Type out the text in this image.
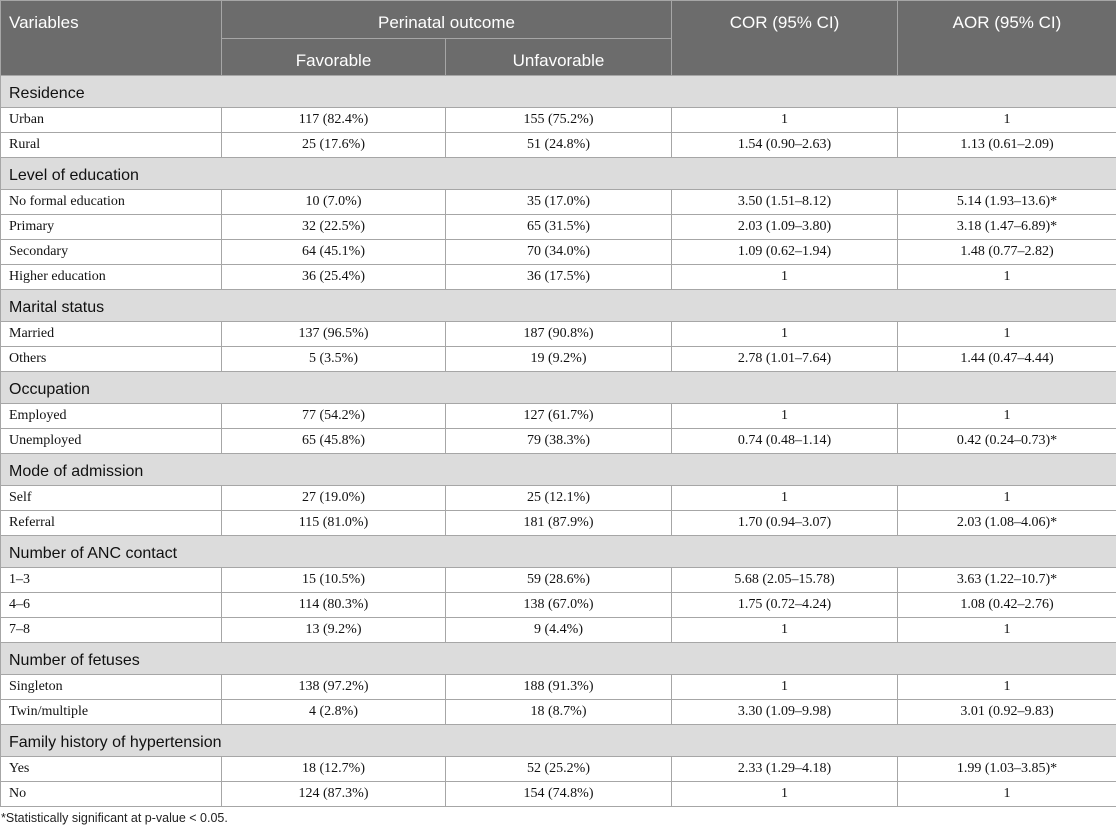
Variables	Perinatal outcome		COR (95% CI)	AOR (95% CI)
	Favorable	Unfavorable		
Residence				
Urban	117 (82.4%)	155 (75.2%)	1	1
Rural	25 (17.6%)	51 (24.8%)	1.54 (0.90–2.63)	1.13 (0.61–2.09)
Level of education				
No formal education	10 (7.0%)	35 (17.0%)	3.50 (1.51–8.12)	5.14 (1.93–13.6)*
Primary	32 (22.5%)	65 (31.5%)	2.03 (1.09–3.80)	3.18 (1.47–6.89)*
Secondary	64 (45.1%)	70 (34.0%)	1.09 (0.62–1.94)	1.48 (0.77–2.82)
Higher education	36 (25.4%)	36 (17.5%)	1	1
Marital status				
Married	137 (96.5%)	187 (90.8%)	1	1
Others	5 (3.5%)	19 (9.2%)	2.78 (1.01–7.64)	1.44 (0.47–4.44)
Occupation				
Employed	77 (54.2%)	127 (61.7%)	1	1
Unemployed	65 (45.8%)	79 (38.3%)	0.74 (0.48–1.14)	0.42 (0.24–0.73)*
Mode of admission				
Self	27 (19.0%)	25 (12.1%)	1	1
Referral	115 (81.0%)	181 (87.9%)	1.70 (0.94–3.07)	2.03 (1.08–4.06)*
Number of ANC contact				
1–3	15 (10.5%)	59 (28.6%)	5.68 (2.05–15.78)	3.63 (1.22–10.7)*
4–6	114 (80.3%)	138 (67.0%)	1.75 (0.72–4.24)	1.08 (0.42–2.76)
7–8	13 (9.2%)	9 (4.4%)	1	1
Number of fetuses				
Singleton	138 (97.2%)	188 (91.3%)	1	1
Twin/multiple	4 (2.8%)	18 (8.7%)	3.30 (1.09–9.98)	3.01 (0.92–9.83)
Family history of hypertension				
Yes	18 (12.7%)	52 (25.2%)	2.33 (1.29–4.18)	1.99 (1.03–3.85)*
No	124 (87.3%)	154 (74.8%)	1	1
*Statistically significant at p-value < 0.05.
